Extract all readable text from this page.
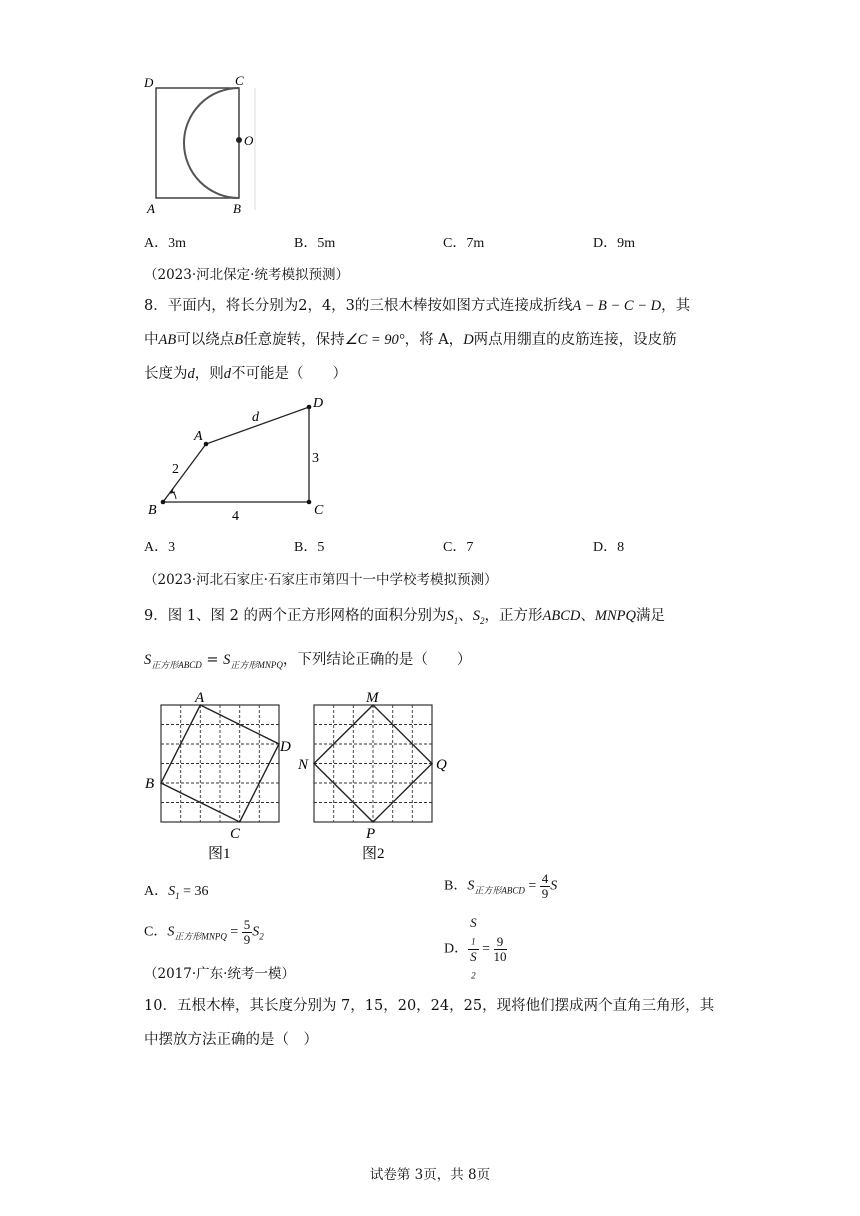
D	C
O
A	B
A．3m	B．5m	C．7m	D．9m
（2023·河北保定·统考模拟预测）
8．平面内，将长分别为2，4，3的三根木棒按如图方式连接成折线A − B − C − D，其
中AB可以绕点B任意旋转，保持∠C = 90°，将 A，D两点用绷直的皮筋连接，设皮筋
长度为d，则d不可能是（　　）
A
B	C
D
d
2
4
3
A．3	B．5	C．7	D．8
（2023·河北石家庄·石家庄市第四十一中学校考模拟预测）
9．图 1、图 2 的两个正方形网格的面积分别为$S_1$、$S_2$，正方形ABCD、MNPQ满足
$S_{正方形ABCD} = S_{正方形MNPQ}$，下列结论正确的是（　　）
A
B
C
D
M
N
P
Q
图1	图2
A．$S_1 = 36$	B．$S_{正方形ABCD} = \frac{4}{9}$ S
C．$S_{正方形MNPQ} = \frac{5}{9} S_2$
D． S
$_1$
S
$_2 = \frac{9}{10}$
（2017·广东·统考一模）
10．五根木棒，其长度分别为 7，15，20，24，25，现将他们摆成两个直角三角形，其
中摆放方法正确的是（　）
试卷第 3页，共 8页
